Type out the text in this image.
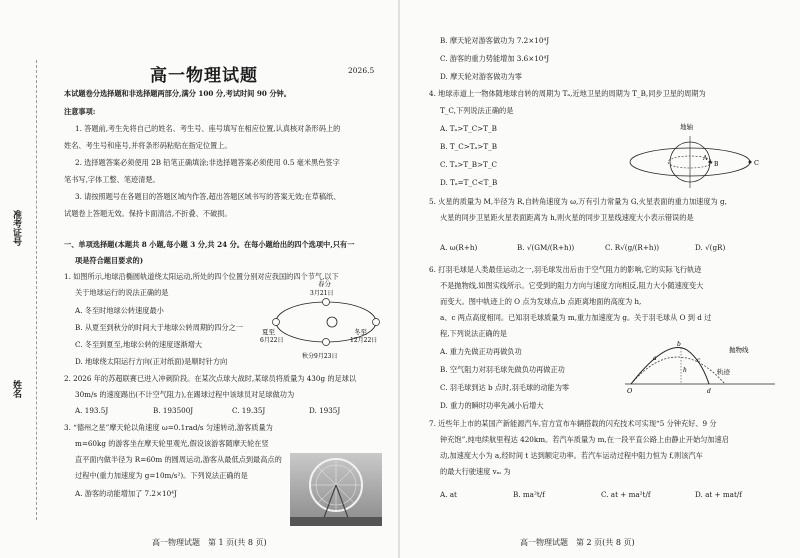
准考证号
姓名
高一物理试题	2026.5
本试题卷分选择题和非选择题两部分,满分 100 分,考试时间 90 分钟。
注意事项:
1. 答题前,考生先将自己的姓名、考生号、座号填写在相应位置,认真核对条形码上的
姓名、考生号和座号,并将条形码粘贴在指定位置上。
2. 选择题答案必须使用 2B 铅笔正确填涂;非选择题答案必须使用 0.5 毫米黑色签字
笔书写,字体工整、笔迹清楚。
3. 请按照题号在各题目的答题区域内作答,超出答题区域书写的答案无效;在草稿纸、
试题卷上答题无效。保持卡面清洁,不折叠、不破损。
一、单项选择题(本题共 8 小题,每小题 3 分,共 24 分。在每小题给出的四个选项中,只有一
项是符合题目要求的)
1. 如图所示,地球沿椭圆轨道绕太阳运动,所处的四个位置分别对应我国的四个节气,以下
关于地球运行的说法正确的是
A. 冬至时地球公转速度最小
B. 从夏至到秋分的时间大于地球公转周期的四分之一
C. 冬至到夏至,地球公转的速度逐渐增大
D. 地球绕太阳运行方向(正对纸面)是顺时针方向
春分
3月21日
夏至
6月22日
冬至
12月22日
秋分9月23日
2. 2026 年的苏超联赛已进入冲刺阶段。在某次点球大战时,某球员将质量为 430g 的足球以
30m/s 的速度踢出(不计空气阻力),在踢球过程中该球员对足球做功为
A. 193.5J	B. 193500J	C. 19.35J	D. 1935J
3. “德州之星”摩天轮以角速度 ω=0.1rad/s 匀速转动,游客质量为
m=60kg 的游客坐在摩天轮里观光,假设该游客随摩天轮在竖
直平面内做半径为 R=60m 的圆周运动,游客从最低点到最高点的
过程中(重力加速度为 g=10m/s²)。下列说法正确的是
A. 游客的动能增加了 7.2×10⁴J
高一物理试题　第 1 页(共 8 页)
B. 摩天轮对游客做功为 7.2×10⁴J
C. 游客的重力势能增加 3.6×10⁴J
D. 摩天轮对游客做功为零
4. 地球赤道上一物体随地球自转的周期为 Tₐ,近地卫星的周期为 T_B,同步卫星的周期为
T_C,下列说法正确的是
A. Tₐ>T_C>T_B
B. T_C>Tₐ>T_B
C. Tₐ>T_B>T_C
D. Tₐ=T_C<T_B
地轴
A
B	C
5. 火星的质量为 M,半径为 R,自转角速度为 ω,万有引力常量为 G,火星表面的重力加速度为 g,
火星的同步卫星距火星表面距离为 h,则火星的同步卫星线速度大小表示错误的是
A. ω(R+h)	B. √(GM/(R+h))	C. R√(g/(R+h))	D. √(gR)
6. 打羽毛球是人类最佳运动之一,羽毛球发出后由于空气阻力的影响,它的实际飞行轨迹
不是抛物线,如图实线所示。它受到的阻力方向与速度方向相反,阻力大小随速度变大
而变大。图中轨迹上的 O 点为发球点,b 点距离地面的高度为 h,
a、c 两点高度相同。已知羽毛球质量为 m,重力加速度为 g。关于羽毛球从 O 到 d 过
程,下列说法正确的是
A. 重力先做正功再做负功
B. 空气阻力对羽毛球先做负功再做正功
C. 羽毛球到达 b 点时,羽毛球的动能为零
D. 重力的瞬时功率先减小后增大
O
a
b
c
d
h
抛物线
轨迹
7. 近些年上市的某国产新能源汽车,官方宣布车辆搭载的闪充技术可实现“5 分钟充好、9 分
钟充饱”,纯电续航里程达 420km。若汽车质量为 m,在一段平直公路上由静止开始匀加速启
动,加速度大小为 a,经时间 t 达到额定功率。若汽车运动过程中阻力恒为 f,则该汽车
的最大行驶速度 vₘ 为
A. at	B. ma²t/f	C. at + ma²t/f	D. at + mat/f
高一物理试题　第 2 页(共 8 页)
